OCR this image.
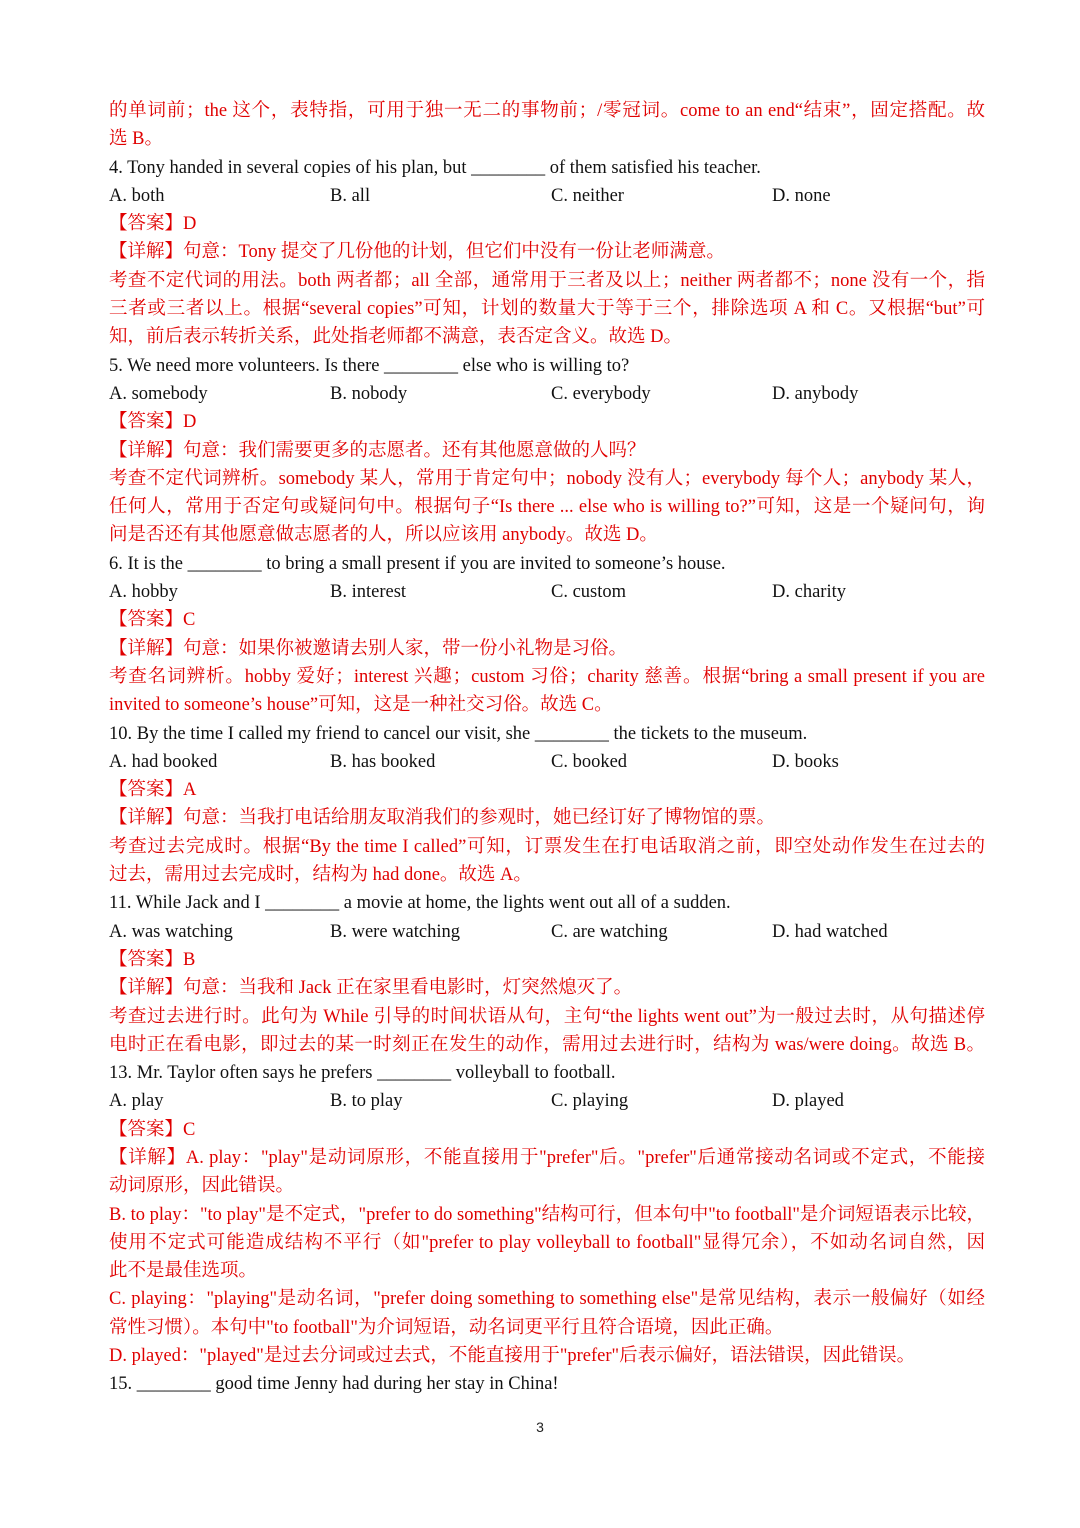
的单词前；the 这个，表特指，可用于独一无二的事物前；/零冠词。come to an end“结束”，固定搭配。故
选 B。
4. Tony handed in several copies of his plan, but ________ of them satisfied his teacher.
A. both	B. all	C. neither	D. none
【答案】D
【详解】句意：Tony 提交了几份他的计划，但它们中没有一份让老师满意。
考查不定代词的用法。both 两者都；all 全部，通常用于三者及以上；neither 两者都不；none 没有一个，指
三者或三者以上。根据“several copies”可知，计划的数量大于等于三个，排除选项 A 和 C。又根据“but”可
知，前后表示转折关系，此处指老师都不满意，表否定含义。故选 D。
5. We need more volunteers. Is there ________ else who is willing to?
A. somebody	B. nobody	C. everybody	D. anybody
【答案】D
【详解】句意：我们需要更多的志愿者。还有其他愿意做的人吗？
考查不定代词辨析。somebody 某人，常用于肯定句中；nobody 没有人；everybody 每个人；anybody 某人，
任何人，常用于否定句或疑问句中。根据句子“Is there ... else who is willing to?”可知，这是一个疑问句，询
问是否还有其他愿意做志愿者的人，所以应该用 anybody。故选 D。
6. It is the ________ to bring a small present if you are invited to someone’s house.
A. hobby	B. interest	C. custom	D. charity
【答案】C
【详解】句意：如果你被邀请去别人家，带一份小礼物是习俗。
考查名词辨析。hobby 爱好；interest 兴趣；custom 习俗；charity 慈善。根据“bring a small present if you are
invited to someone’s house”可知，这是一种社交习俗。故选 C。
10. By the time I called my friend to cancel our visit, she ________ the tickets to the museum.
A. had booked	B. has booked	C. booked	D. books
【答案】A
【详解】句意：当我打电话给朋友取消我们的参观时，她已经订好了博物馆的票。
考查过去完成时。根据“By the time I called”可知，订票发生在打电话取消之前，即空处动作发生在过去的
过去，需用过去完成时，结构为 had done。故选 A。
11. While Jack and I ________ a movie at home, the lights went out all of a sudden.
A. was watching	B. were watching	C. are watching	D. had watched
【答案】B
【详解】句意：当我和 Jack 正在家里看电影时，灯突然熄灭了。
考查过去进行时。此句为 While 引导的时间状语从句，主句“the lights went out”为一般过去时，从句描述停
电时正在看电影，即过去的某一时刻正在发生的动作，需用过去进行时，结构为 was/were doing。故选 B。
13. Mr. Taylor often says he prefers ________ volleyball to football.
A. play	B. to play	C. playing	D. played
【答案】C
【详解】A. play："play"是动词原形，不能直接用于"prefer"后。"prefer"后通常接动名词或不定式，不能接
动词原形，因此错误。
B. to play："to play"是不定式，"prefer to do something"结构可行，但本句中"to football"是介词短语表示比较，
使用不定式可能造成结构不平行（如"prefer to play volleyball to football"显得冗余），不如动名词自然，因
此不是最佳选项。
C. playing："playing"是动名词，"prefer doing something to something else"是常见结构，表示一般偏好（如经
常性习惯）。本句中"to football"为介词短语，动名词更平行且符合语境，因此正确。
D. played："played"是过去分词或过去式，不能直接用于"prefer"后表示偏好，语法错误，因此错误。
15. ________ good time Jenny had during her stay in China!
3
